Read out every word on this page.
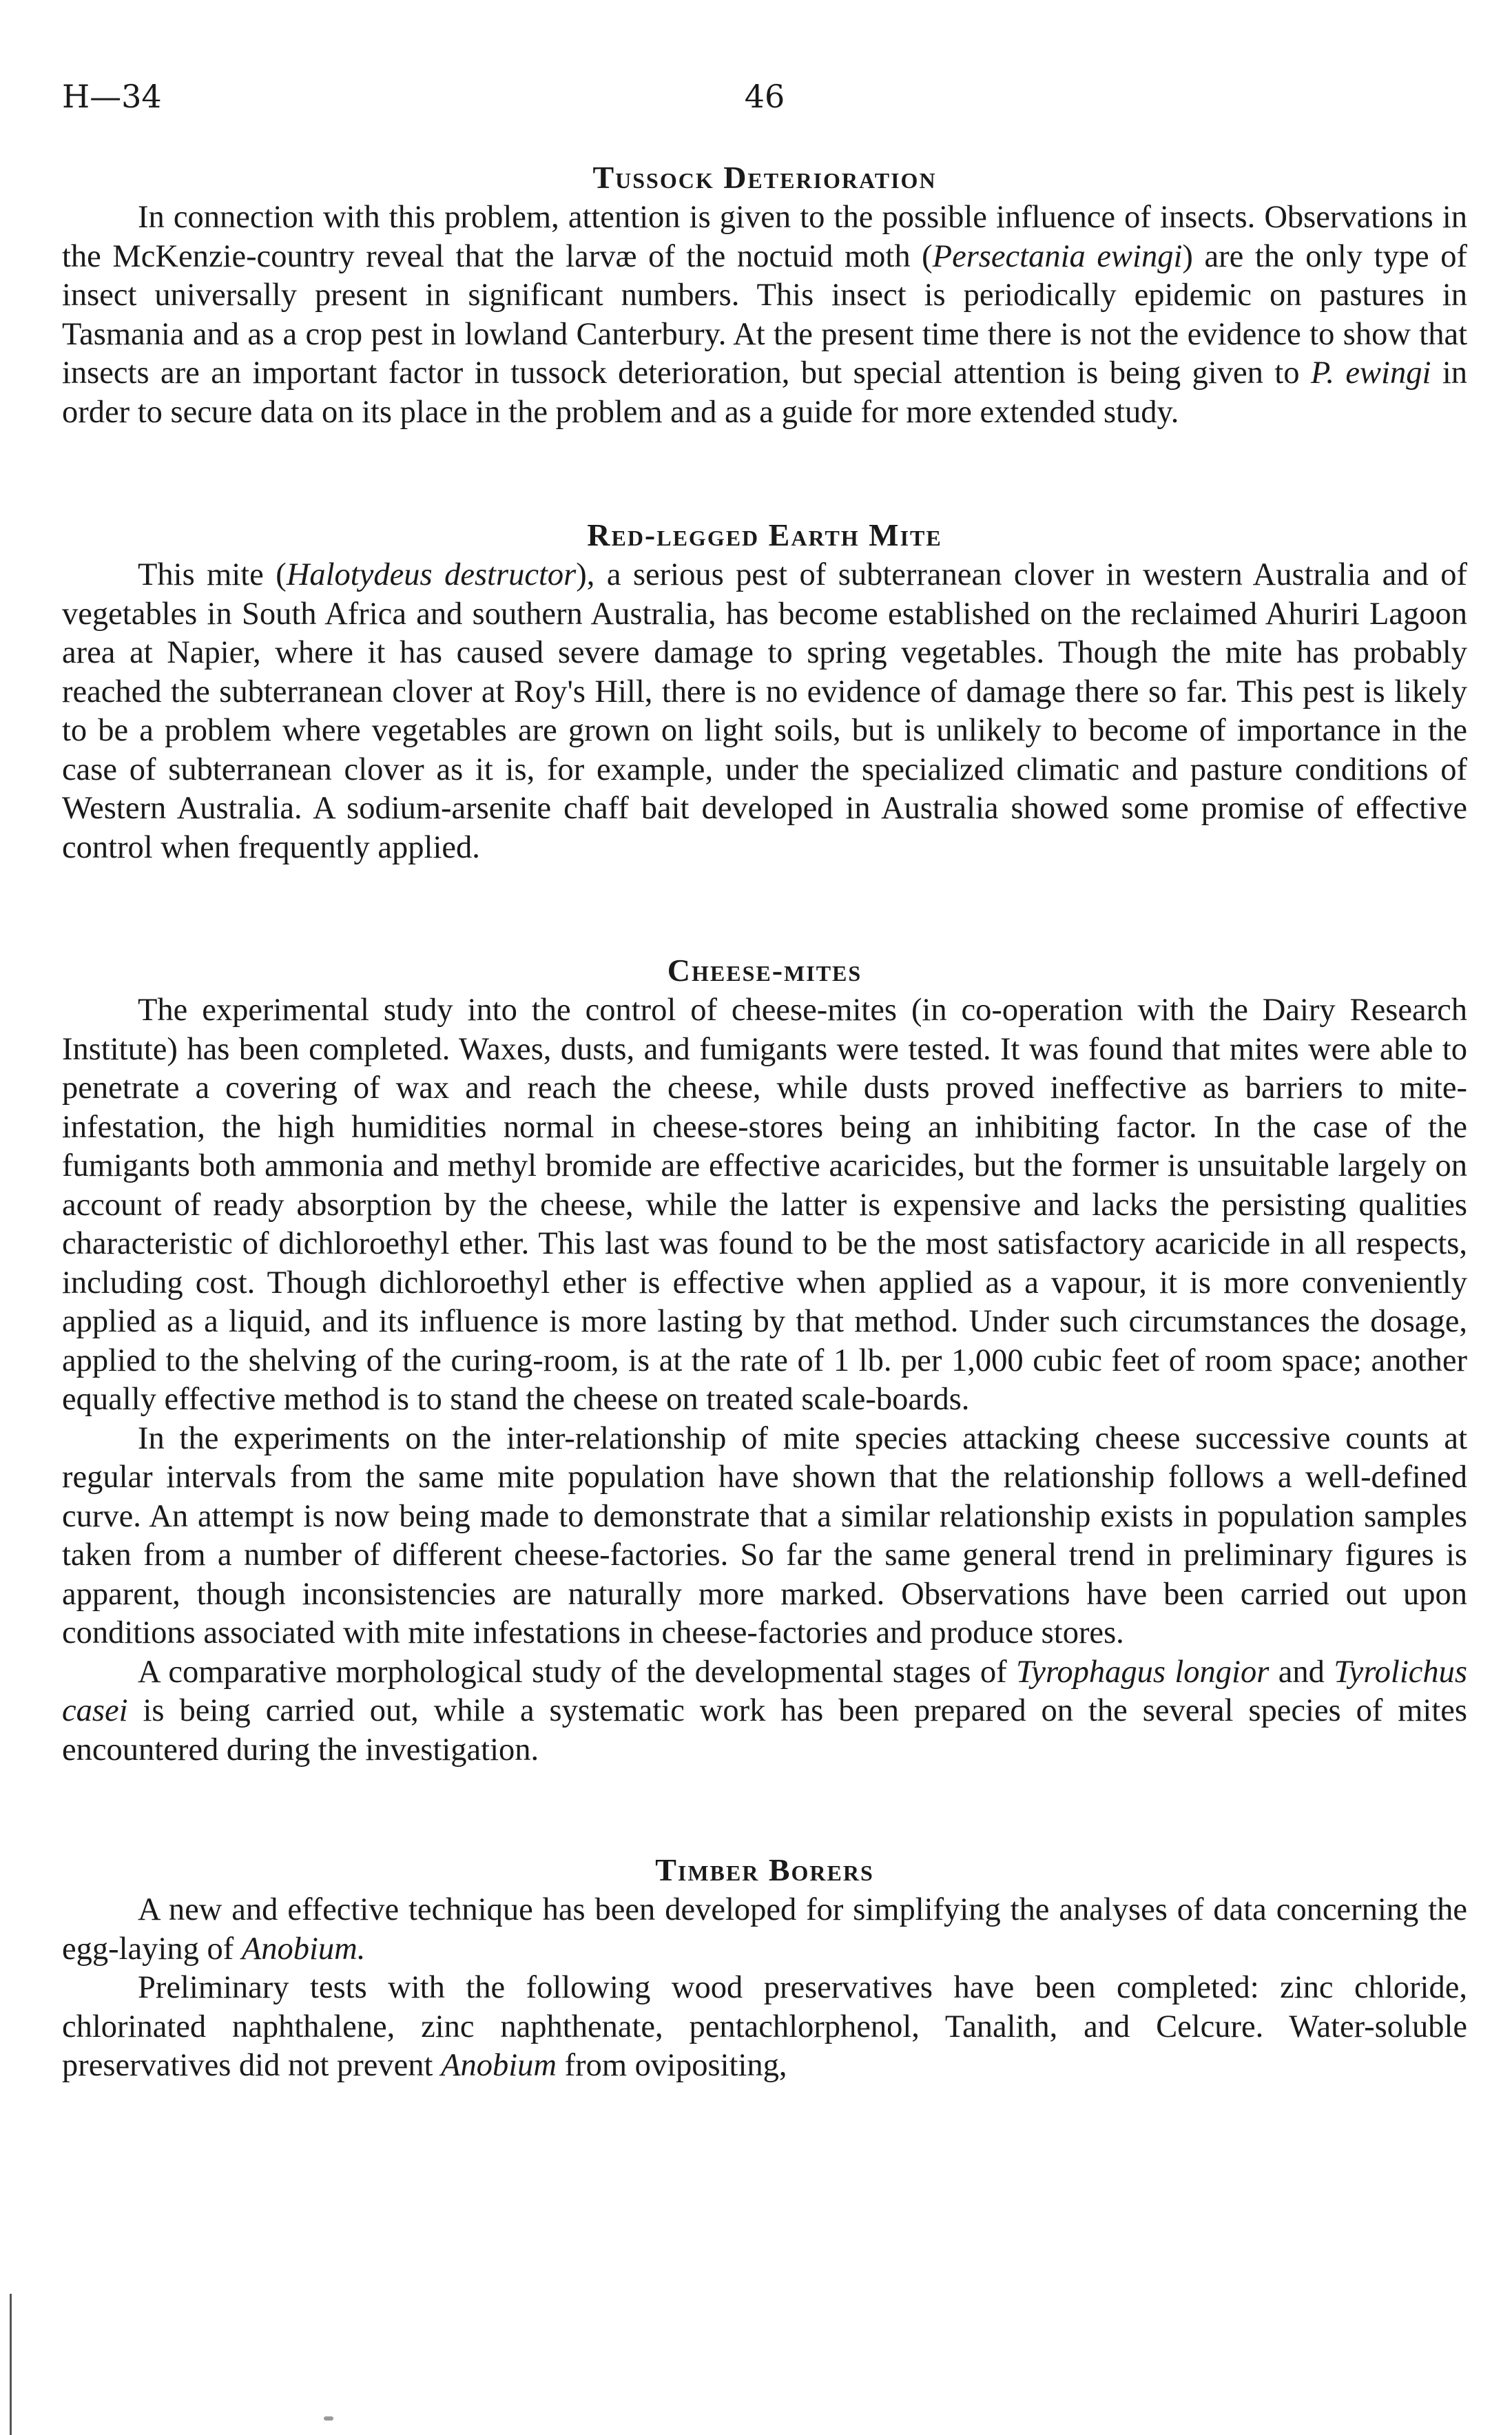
H—34	46
Tussock Deterioration

In connection with this problem, attention is given to the possible influence of insects. Observations in the McKenzie-country reveal that the larvæ of the noctuid moth (Persectania ewingi) are the only type of insect universally present in significant numbers. This insect is periodically epidemic on pastures in Tasmania and as a crop pest in lowland Canterbury. At the present time there is not the evidence to show that insects are an important factor in tussock deterioration, but special attention is being given to P. ewingi in order to secure data on its place in the problem and as a guide for more extended study.

Red-legged Earth Mite

This mite (Halotydeus destructor), a serious pest of subterranean clover in western Australia and of vegetables in South Africa and southern Australia, has become established on the reclaimed Ahuriri Lagoon area at Napier, where it has caused severe damage to spring vegetables. Though the mite has probably reached the subterranean clover at Roy's Hill, there is no evidence of damage there so far. This pest is likely to be a problem where vegetables are grown on light soils, but is unlikely to become of importance in the case of subterranean clover as it is, for example, under the specialized climatic and pasture conditions of Western Australia. A sodium-arsenite chaff bait developed in Australia showed some promise of effective control when frequently applied.

Cheese-mites

The experimental study into the control of cheese-mites (in co-operation with the Dairy Research Institute) has been completed. Waxes, dusts, and fumigants were tested. It was found that mites were able to penetrate a covering of wax and reach the cheese, while dusts proved ineffective as barriers to mite-infestation, the high humidities normal in cheese-stores being an inhibiting factor. In the case of the fumigants both ammonia and methyl bromide are effective acaricides, but the former is unsuitable largely on account of ready absorption by the cheese, while the latter is expensive and lacks the persisting qualities characteristic of dichloroethyl ether. This last was found to be the most satisfactory acaricide in all respects, including cost. Though dichloroethyl ether is effective when applied as a vapour, it is more conveniently applied as a liquid, and its influence is more lasting by that method. Under such circumstances the dosage, applied to the shelving of the curing-room, is at the rate of 1 lb. per 1,000 cubic feet of room space; another equally effective method is to stand the cheese on treated scale-boards.

In the experiments on the inter-relationship of mite species attacking cheese successive counts at regular intervals from the same mite population have shown that the relationship follows a well-defined curve. An attempt is now being made to demonstrate that a similar relationship exists in population samples taken from a number of different cheese-factories. So far the same general trend in preliminary figures is apparent, though inconsistencies are naturally more marked. Observations have been carried out upon conditions associated with mite infestations in cheese-factories and produce stores.

A comparative morphological study of the developmental stages of Tyrophagus longior and Tyrolichus casei is being carried out, while a systematic work has been prepared on the several species of mites encountered during the investigation.

Timber Borers

A new and effective technique has been developed for simplifying the analyses of data concerning the egg-laying of Anobium.

Preliminary tests with the following wood preservatives have been completed: zinc chloride, chlorinated naphthalene, zinc naphthenate, pentachlorphenol, Tanalith, and Celcure. Water-soluble preservatives did not prevent Anobium from ovipositing,
